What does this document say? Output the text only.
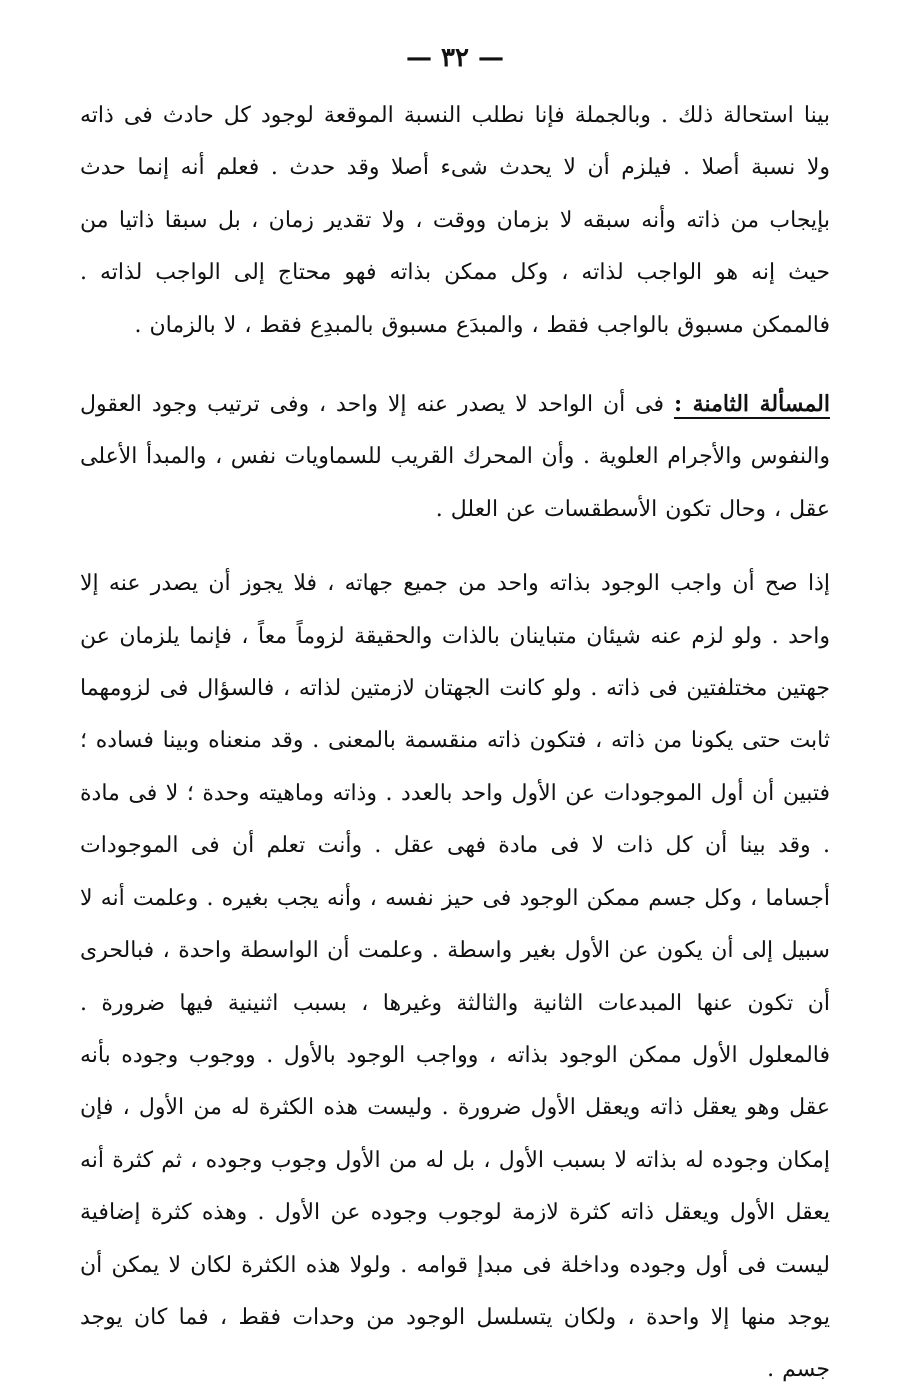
— ٣٢ —

بينا استحالة ذلك . وبالجملة فإنا نطلب النسبة الموقعة لوجود كل حادث فى ذاته ولا نسبة أصلا . فيلزم أن لا يحدث شىء أصلا وقد حدث . فعلم أنه إنما حدث بإيجاب من ذاته وأنه سبقه لا بزمان ووقت ، ولا تقدير زمان ، بل سبقا ذاتيا من حيث إنه هو الواجب لذاته ، وكل ممكن بذاته فهو محتاج إلى الواجب لذاته . فالممكن مسبوق بالواجب فقط ، والمبدَع مسبوق بالمبدِع فقط ، لا بالزمان .

المسألة الثامنة : فى أن الواحد لا يصدر عنه إلا واحد ، وفى ترتيب وجود العقول والنفوس والأجرام العلوية . وأن المحرك القريب للسماويات نفس ، والمبدأ الأعلى عقل ، وحال تكون الأسطقسات عن العلل .

إذا صح أن واجب الوجود بذاته واحد من جميع جهاته ، فلا يجوز أن يصدر عنه إلا واحد . ولو لزم عنه شيئان متباينان بالذات والحقيقة لزوماً معاً ، فإنما يلزمان عن جهتين مختلفتين فى ذاته . ولو كانت الجهتان لازمتين لذاته ، فالسؤال فى لزومهما ثابت حتى يكونا من ذاته ، فتكون ذاته منقسمة بالمعنى . وقد منعناه وبينا فساده ؛ فتبين أن أول الموجودات عن الأول واحد بالعدد . وذاته وماهيته وحدة ؛ لا فى مادة . وقد بينا أن كل ذات لا فى مادة فهى عقل . وأنت تعلم أن فى الموجودات أجساما ، وكل جسم ممكن الوجود فى حيز نفسه ، وأنه يجب بغيره . وعلمت أنه لا سبيل إلى أن يكون عن الأول بغير واسطة . وعلمت أن الواسطة واحدة ، فبالحرى أن تكون عنها المبدعات الثانية والثالثة وغيرها ، بسبب اثنينية فيها ضرورة . فالمعلول الأول ممكن الوجود بذاته ، وواجب الوجود بالأول . ووجوب وجوده بأنه عقل وهو يعقل ذاته ويعقل الأول ضرورة . وليست هذه الكثرة له من الأول ، فإن إمكان وجوده له بذاته لا بسبب الأول ، بل له من الأول وجوب وجوده ، ثم كثرة أنه يعقل الأول ويعقل ذاته كثرة لازمة لوجوب وجوده عن الأول . وهذه كثرة إضافية ليست فى أول وجوده وداخلة فى مبدإ قوامه . ولولا هذه الكثرة لكان لا يمكن أن يوجد منها إلا واحدة ، ولكان يتسلسل الوجود من وحدات فقط ، فما كان يوجد جسم .
